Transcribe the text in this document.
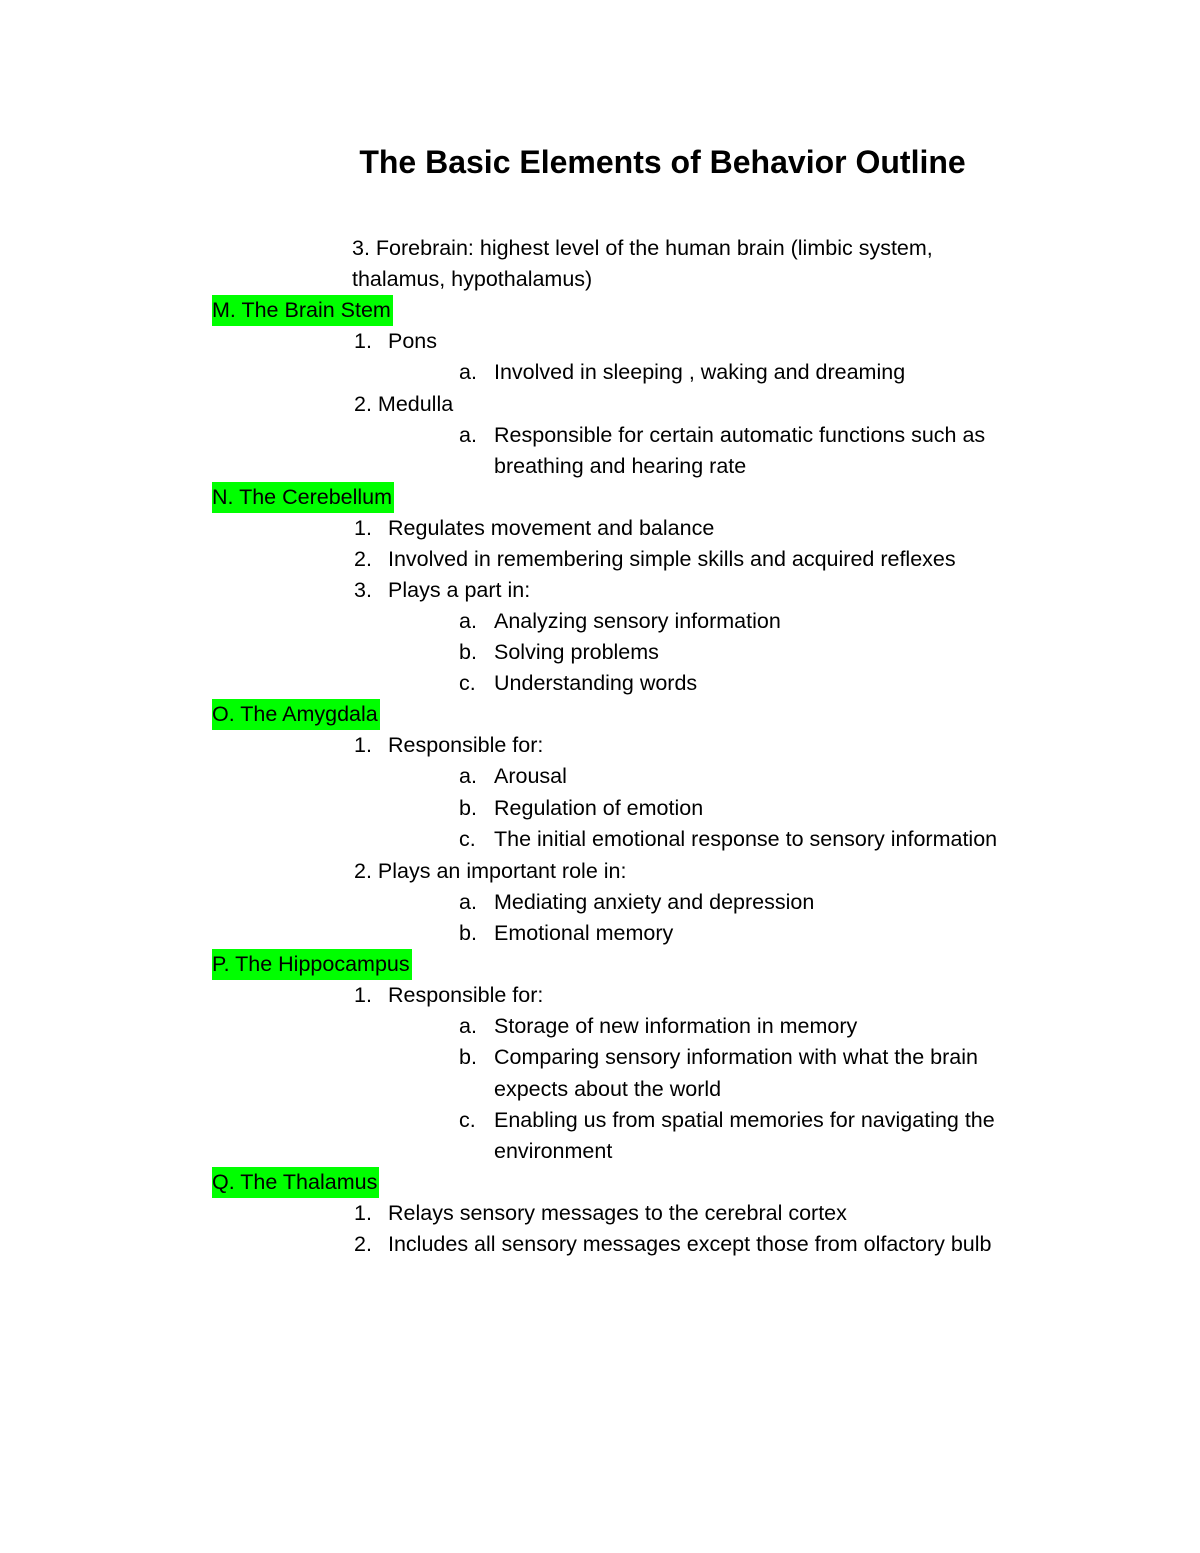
The Basic Elements of Behavior Outline
3. Forebrain: highest level of the human brain (limbic system,
thalamus, hypothalamus)
M. The Brain Stem
1. Pons
a. Involved in sleeping , waking and dreaming
2. Medulla
a. Responsible for certain automatic functions such as
breathing and hearing rate
N. The Cerebellum
1. Regulates movement and balance
2. Involved in remembering simple skills and acquired reflexes
3. Plays a part in:
a. Analyzing sensory information
b. Solving problems
c. Understanding words
O. The Amygdala
1. Responsible for:
a. Arousal
b. Regulation of emotion
c. The initial emotional response to sensory information
2. Plays an important role in:
a. Mediating anxiety and depression
b. Emotional memory
P. The Hippocampus
1. Responsible for:
a. Storage of new information in memory
b. Comparing sensory information with what the brain
expects about the world
c. Enabling us from spatial memories for navigating the
environment
Q. The Thalamus
1. Relays sensory messages to the cerebral cortex
2. Includes all sensory messages except those from olfactory bulb
